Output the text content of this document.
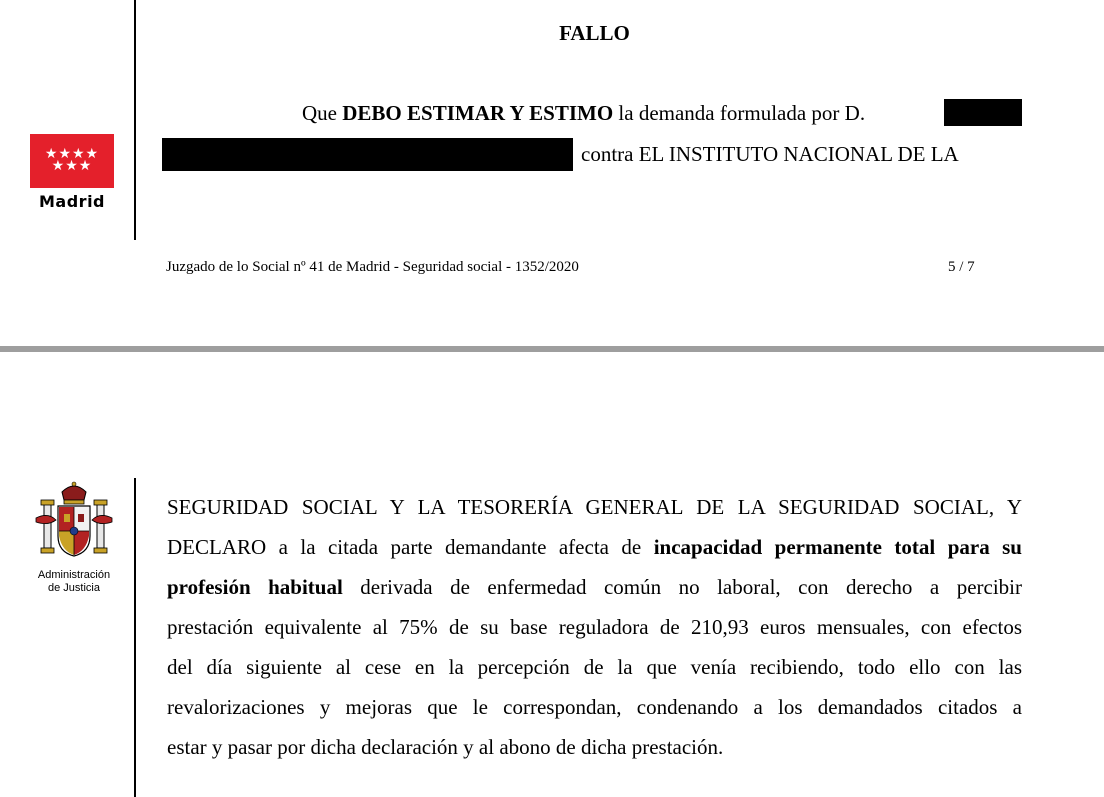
★★★★
★★★
Madrid
FALLO
Que DEBO ESTIMAR Y ESTIMO la demanda formulada por D.
contra EL INSTITUTO NACIONAL DE LA
Juzgado de lo Social nº 41 de Madrid - Seguridad social - 1352/2020	5 / 7
Administración
de Justicia

SEGURIDAD SOCIAL Y LA TESORERÍA GENERAL DE LA SEGURIDAD SOCIAL, Y

DECLARO a la citada parte demandante afecta de incapacidad permanente total para su

profesión habitual derivada de enfermedad común no laboral, con derecho a percibir

prestación equivalente al 75% de su base reguladora de 210,93 euros mensuales, con efectos

del día siguiente al cese en la percepción de la que venía recibiendo, todo ello con las

revalorizaciones y mejoras que le correspondan, condenando a los demandados citados a

estar y pasar por dicha declaración y al abono de dicha prestación.
